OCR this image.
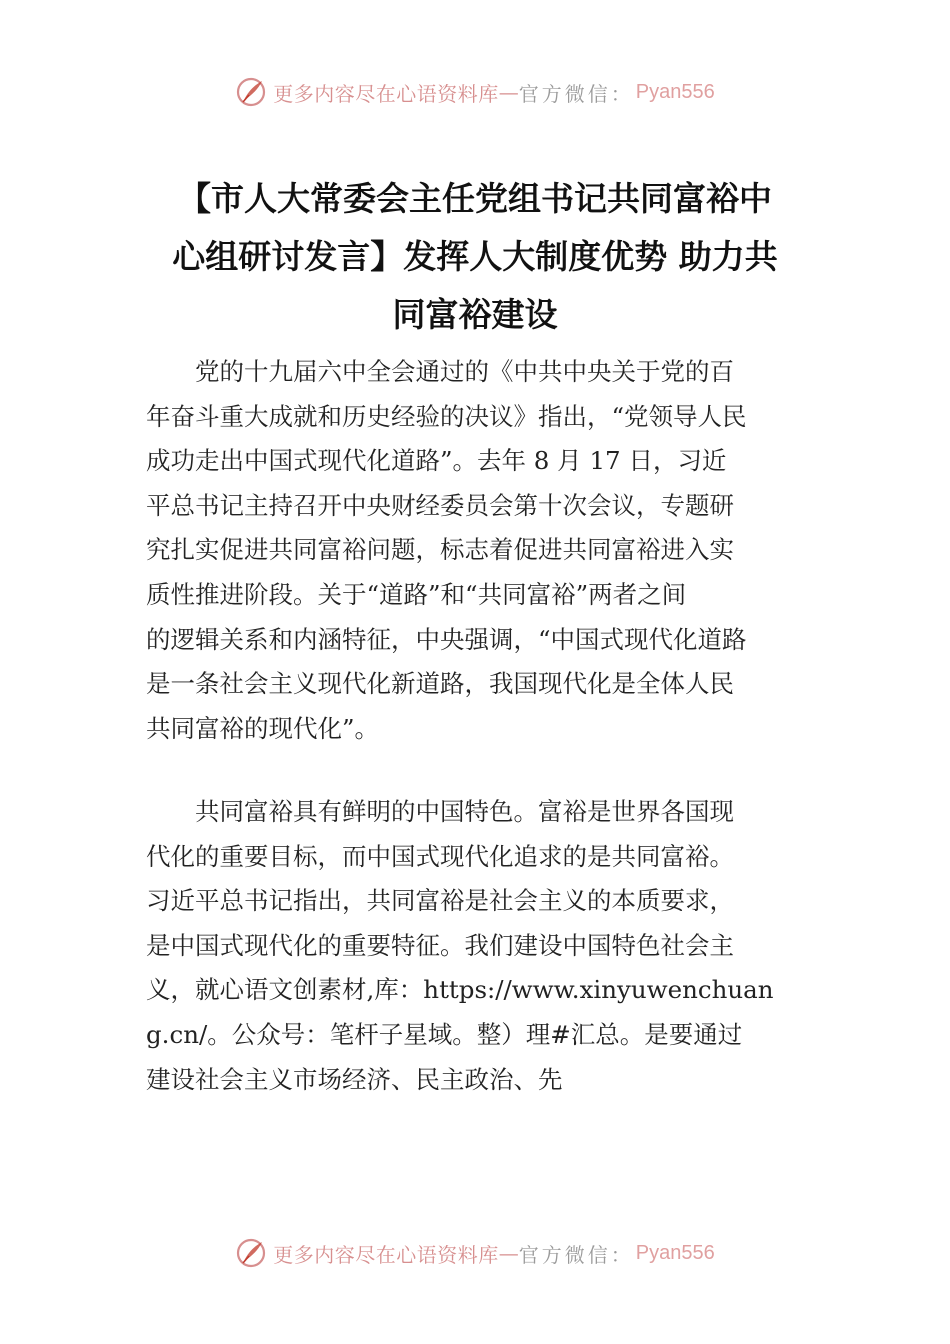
更多内容尽在心语资料库 — 官方微信： Pyan556
【市人大常委会主任党组书记共同富裕中
心组研讨发言】发挥人大制度优势 助力共
同富裕建设

　　党的十九届六中全会通过的《中共中央关于党的百
年奋斗重大成就和历史经验的决议》指出，“党领导人民
成功走出中国式现代化道路”。去年 8 月 17 日，习近
平总书记主持召开中央财经委员会第十次会议，专题研
究扎实促进共同富裕问题，标志着促进共同富裕进入实
质性推进阶段。关于“道路”和“共同富裕”两者之间
的逻辑关系和内涵特征，中央强调，“中国式现代化道路
是一条社会主义现代化新道路，我国现代化是全体人民
共同富裕的现代化”。

　　共同富裕具有鲜明的中国特色。富裕是世界各国现
代化的重要目标，而中国式现代化追求的是共同富裕。
习近平总书记指出，共同富裕是社会主义的本质要求，
是中国式现代化的重要特征。我们建设中国特色社会主
义，就心语文创素材,库：https://www.xinyuwenchuan
g.cn/。公众号：笔杆子星域。整）理#汇总。是要通过
建设社会主义市场经济、民主政治、先

更多内容尽在心语资料库 — 官方微信： Pyan556
